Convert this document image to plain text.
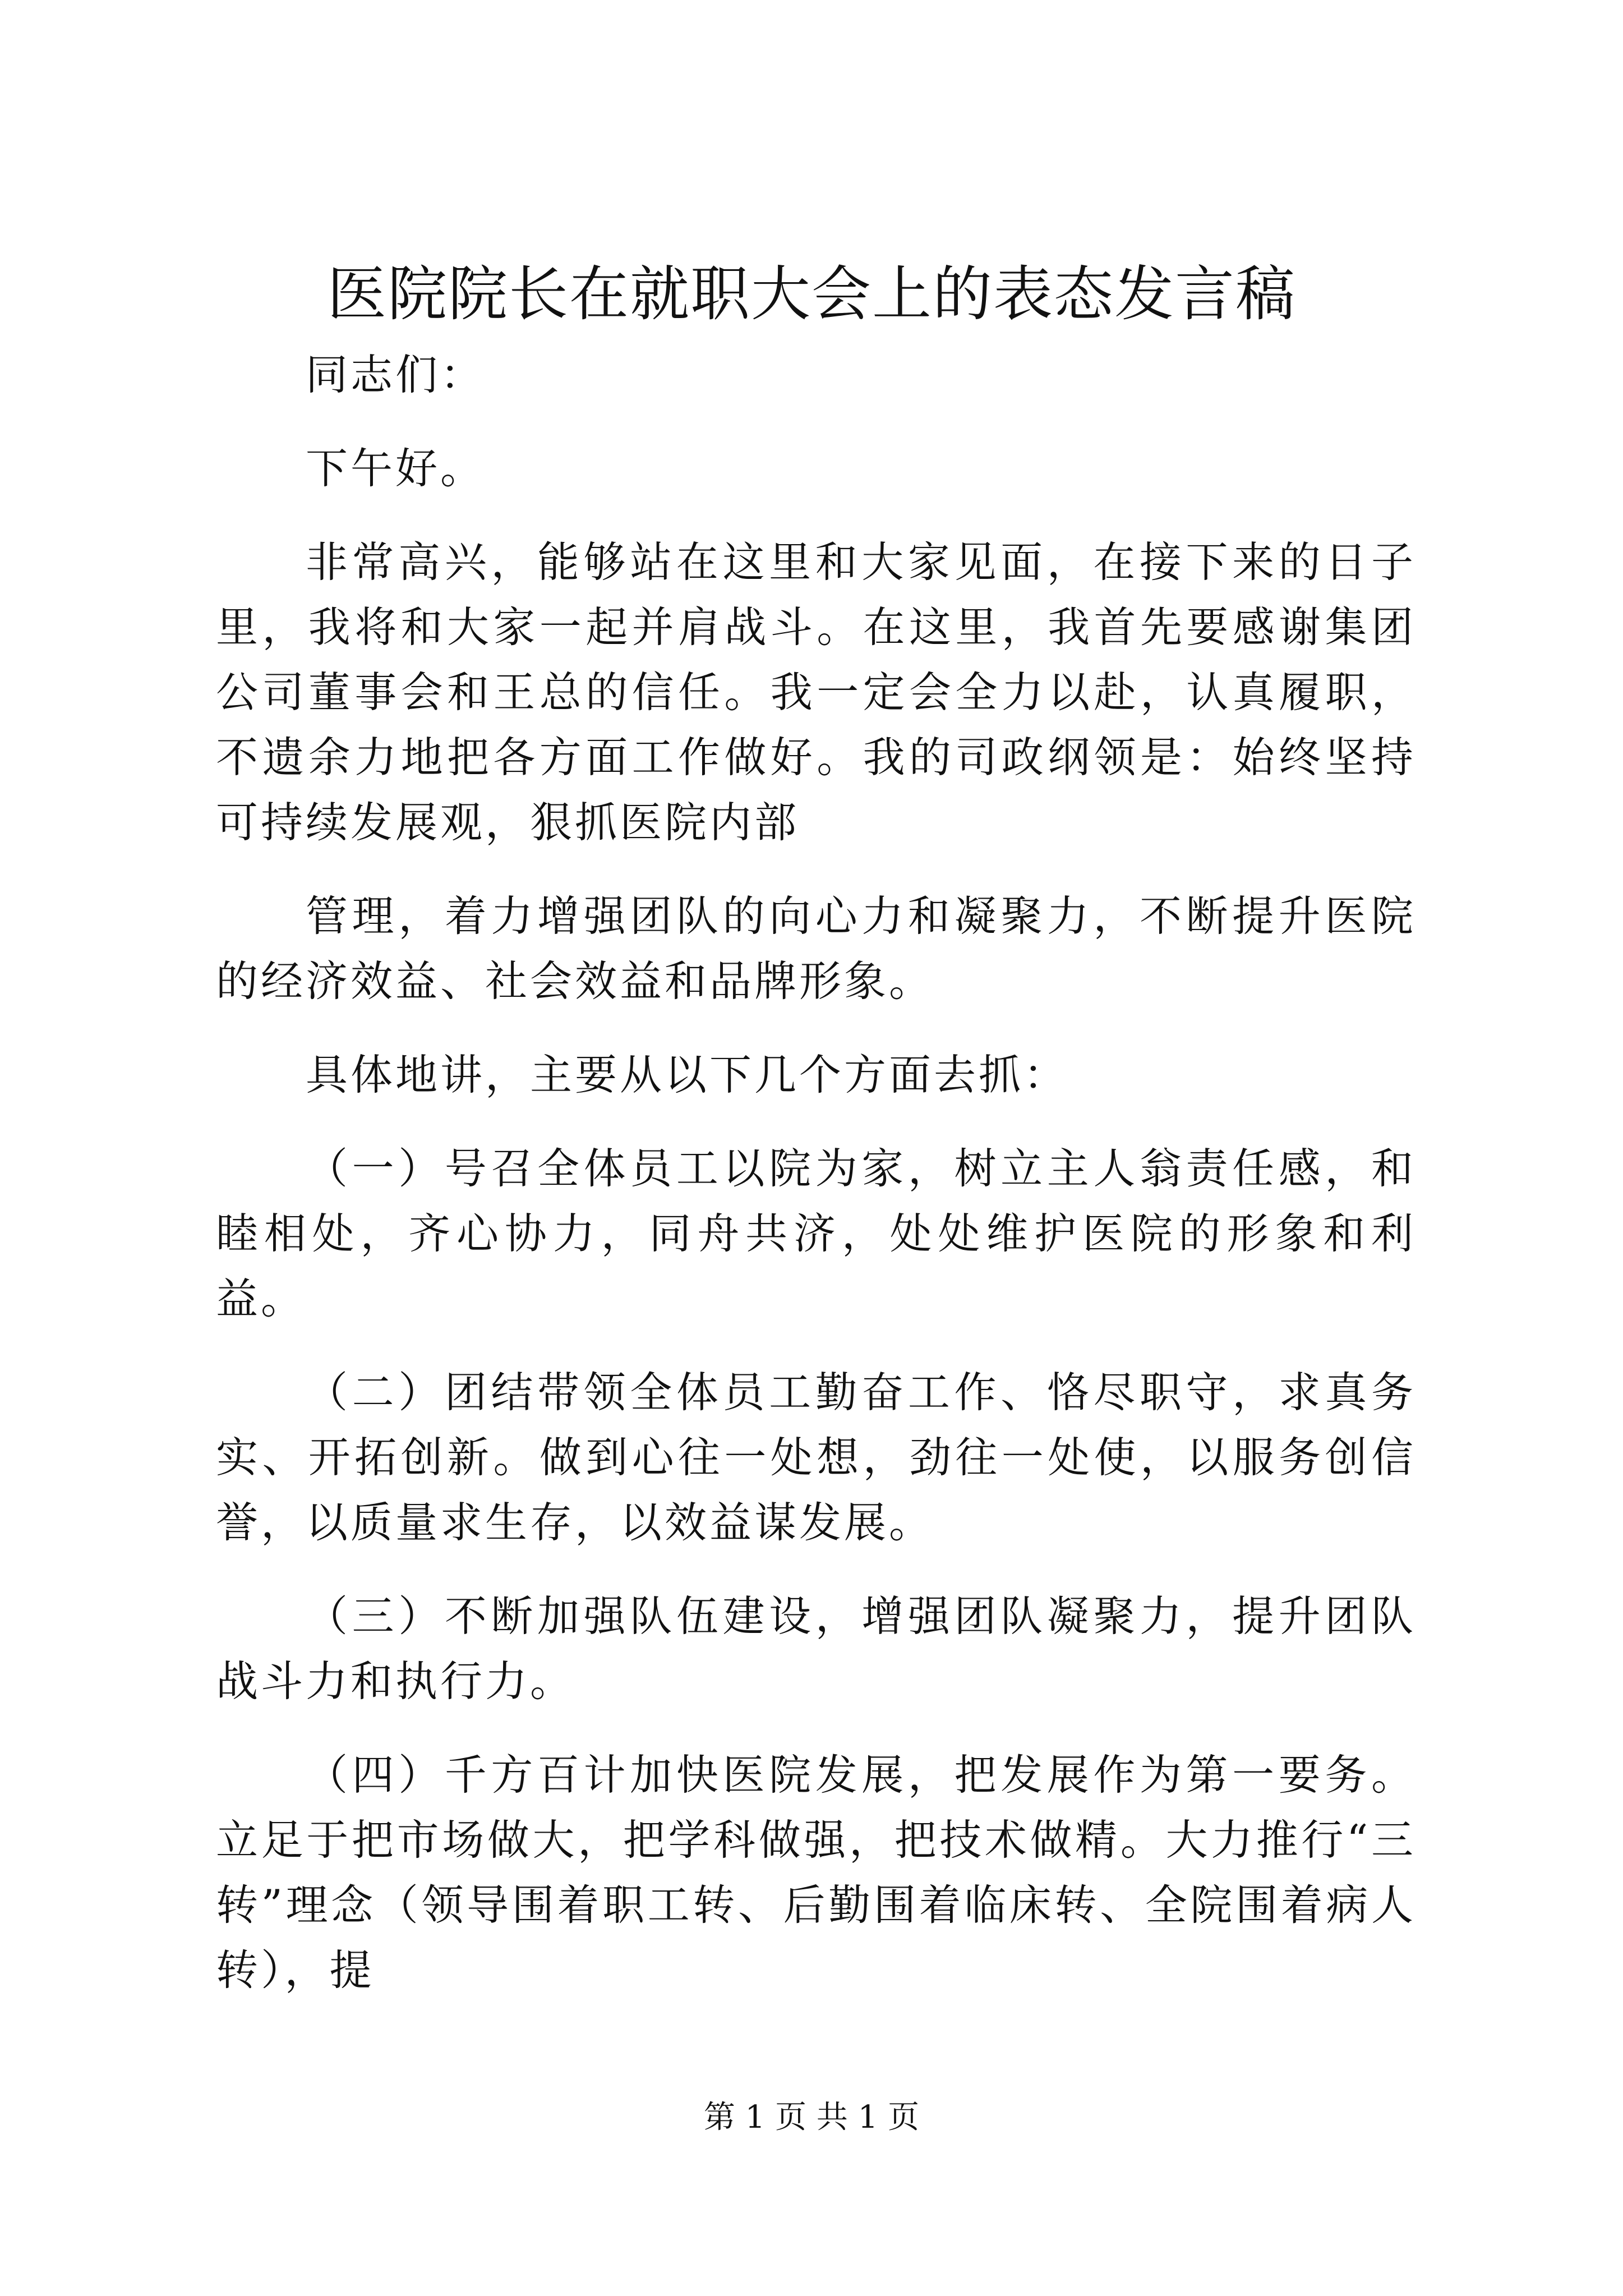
医院院长在就职大会上的表态发言稿

同志们：

下午好。

非常高兴，能够站在这里和大家见面，在接下来的日子里，我将和大家一起并肩战斗。在这里，我首先要感谢集团公司董事会和王总的信任。我一定会全力以赴，认真履职，不遗余力地把各方面工作做好。我的司政纲领是：始终坚持可持续发展观，狠抓医院内部

管理，着力增强团队的向心力和凝聚力，不断提升医院的经济效益、社会效益和品牌形象。

具体地讲，主要从以下几个方面去抓：

（一）号召全体员工以院为家，树立主人翁责任感，和睦相处，齐心协力，同舟共济，处处维护医院的形象和利益。

（二）团结带领全体员工勤奋工作、恪尽职守，求真务实、开拓创新。做到心往一处想，劲往一处使，以服务创信誉，以质量求生存，以效益谋发展。

（三）不断加强队伍建设，增强团队凝聚力，提升团队战斗力和执行力。

（四）千方百计加快医院发展，把发展作为第一要务。立足于把市场做大，把学科做强，把技术做精。大力推行“三转”理念（领导围着职工转、后勤围着临床转、全院围着病人转），提

第 1 页 共 1 页
